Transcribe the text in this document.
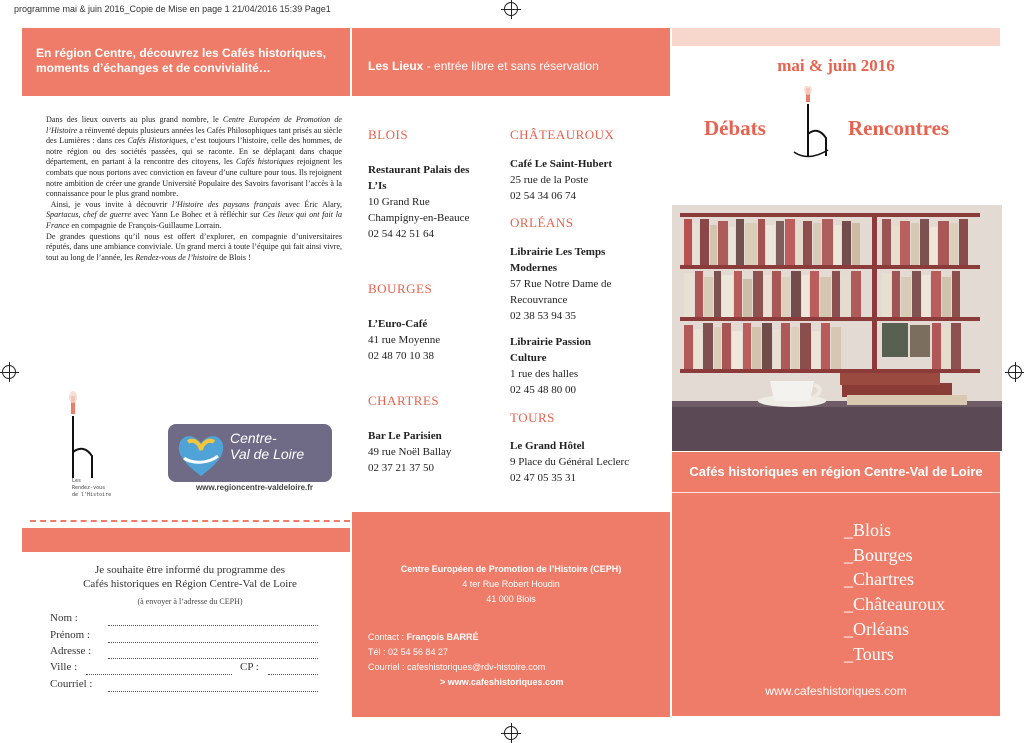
programme mai & juin 2016_Copie de Mise en page 1 21/04/2016 15:39 Page1
En région Centre, découvrez les Cafés historiques, moments d’échanges et de convivialité…

Dans des lieux ouverts au plus grand nombre, le Centre Européen de Promotion de l’Histoire a réinventé depuis plusieurs années les Cafés Philosophiques tant prisés au siècle des Lumières : dans ces Cafés Historiques, c’est toujours l’histoire, celle des hommes, de notre région ou des sociétés passées, qui se raconte. En se déplaçant dans chaque département, en partant à la rencontre des citoyens, les Cafés historiques rejoignent les combats que nous portons avec conviction en faveur d’une culture pour tous. Ils rejoignent notre ambition de créer une grande Université Populaire des Savoirs favorisant l’accès à la connaissance pour le plus grand nombre.

Ainsi, je vous invite à découvrir l’Histoire des paysans français avec Éric Alary, Spartacus, chef de guerre avec Yann Le Bohec et à réfléchir sur Ces lieux qui ont fait la France en compagnie de François-Guillaume Lorrain.

De grandes questions qu’il nous est offert d’explorer, en compagnie d’universitaires réputés, dans une ambiance conviviale. Un grand merci à toute l’équipe qui fait ainsi vivre, tout au long de l’année, les Rendez-vous de l’histoire de Blois !

Les
Rendez-vous
de l'Histoire
Centre-
Val de Loire
www.regioncentre-valdeloire.fr
Je souhaite être informé du programme des
Cafés historiques en Région Centre-Val de Loire
(à envoyer à l’adresse du CEPH)
Nom :
Prénom :
Adresse :
Ville :	CP :
Courriel :
Les Lieux - entrée libre et sans réservation
BLOIS
Restaurant Palais des
L’Is
10 Grand Rue
Champigny-en-Beauce
02 54 42 51 64
BOURGES
L’Euro-Café
41 rue Moyenne
02 48 70 10 38
CHARTRES
Bar Le Parisien
49 rue Noël Ballay
02 37 21 37 50
CHÂTEAUROUX
Café Le Saint-Hubert
25 rue de la Poste
02 54 34 06 74
ORLÉANS
Librairie Les Temps
Modernes
57 Rue Notre Dame de
Recouvrance
02 38 53 94 35
Librairie Passion
Culture
1 rue des halles
02 45 48 80 00
TOURS
Le Grand Hôtel
9 Place du Général Leclerc
02 47 05 35 31
Centre Européen de Promotion de l’Histoire (CEPH)
4 ter Rue Robert Houdin
41 000 Blois
Contact : François BARRÉ
Tél : 02 54 56 84 27
Courriel : cafeshistoriques@rdv-histoire.com
> www.cafeshistoriques.com
mai & juin 2016
Débats	Rencontres
Cafés historiques en région Centre-Val de Loire
_Blois
_Bourges
_Chartres
_Châteauroux
_Orléans
_Tours
www.cafeshistoriques.com
